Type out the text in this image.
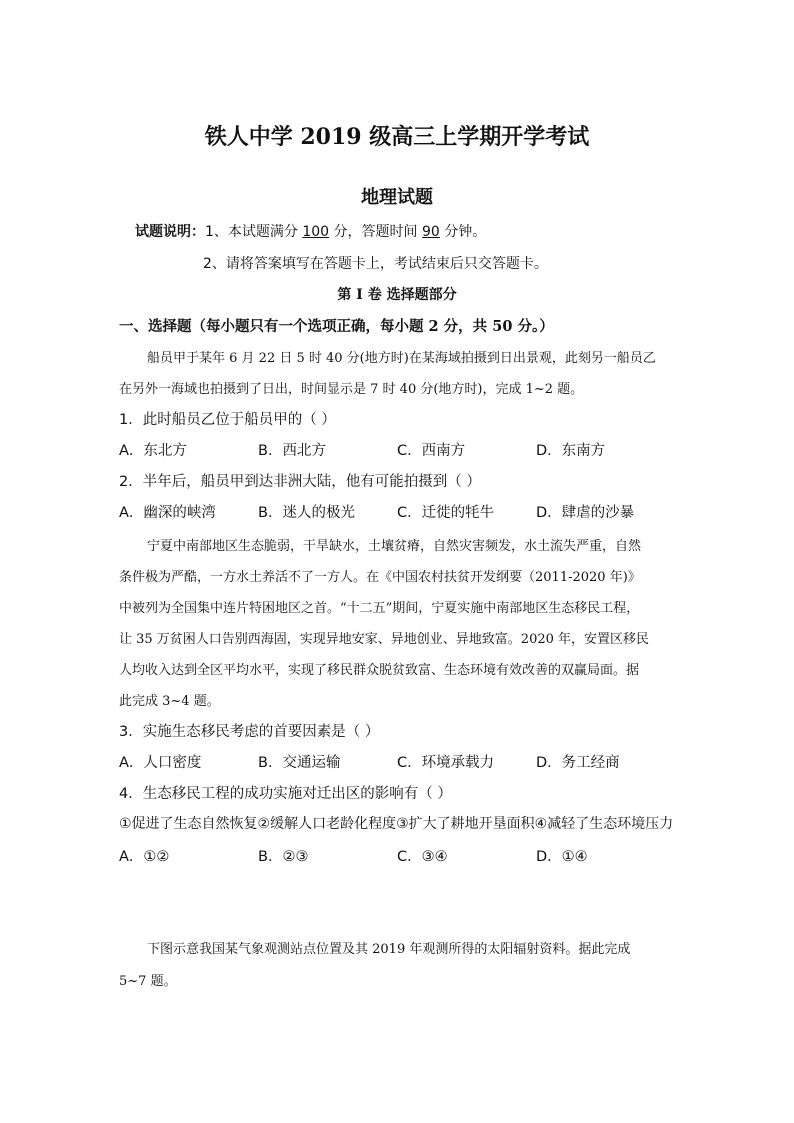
铁人中学 2019 级高三上学期开学考试
地理试题
试题说明：1、本试题满分 100 分，答题时间 90 分钟。
2、请将答案填写在答题卡上，考试结束后只交答题卡。
第 I 卷 选择题部分
一、选择题（每小题只有一个选项正确，每小题 2 分，共 50 分。）
船员甲于某年 6 月 22 日 5 时 40 分(地方时)在某海域拍摄到日出景观，此刻另一船员乙
在另外一海域也拍摄到了日出，时间显示是 7 时 40 分(地方时)，完成 1~2 题。
1．此时船员乙位于船员甲的（ ）
A．东北方	B．西北方	C．西南方	D．东南方
2．半年后，船员甲到达非洲大陆，他有可能拍摄到（ ）
A．幽深的峡湾	B．迷人的极光	C．迁徙的牦牛	D．肆虐的沙暴
宁夏中南部地区生态脆弱，干旱缺水，土壤贫瘠，自然灾害频发，水土流失严重，自然
条件极为严酷，一方水土养活不了一方人。在《中国农村扶贫开发纲要（2011-2020 年)》
中被列为全国集中连片特困地区之首。“十二五”期间，宁夏实施中南部地区生态移民工程，
让 35 万贫困人口告别西海固，实现异地安家、异地创业、异地致富。2020 年，安置区移民
人均收入达到全区平均水平，实现了移民群众脱贫致富、生态环境有效改善的双赢局面。据
此完成 3~4 题。
3．实施生态移民考虑的首要因素是（ ）
A．人口密度	B．交通运输	C．环境承载力	D．务工经商
4．生态移民工程的成功实施对迁出区的影响有（ ）
①促进了生态自然恢复②缓解人口老龄化程度③扩大了耕地开垦面积④减轻了生态环境压力
A．①②	B．②③	C．③④	D．①④
下图示意我国某气象观测站点位置及其 2019 年观测所得的太阳辐射资料。据此完成
5~7 题。
